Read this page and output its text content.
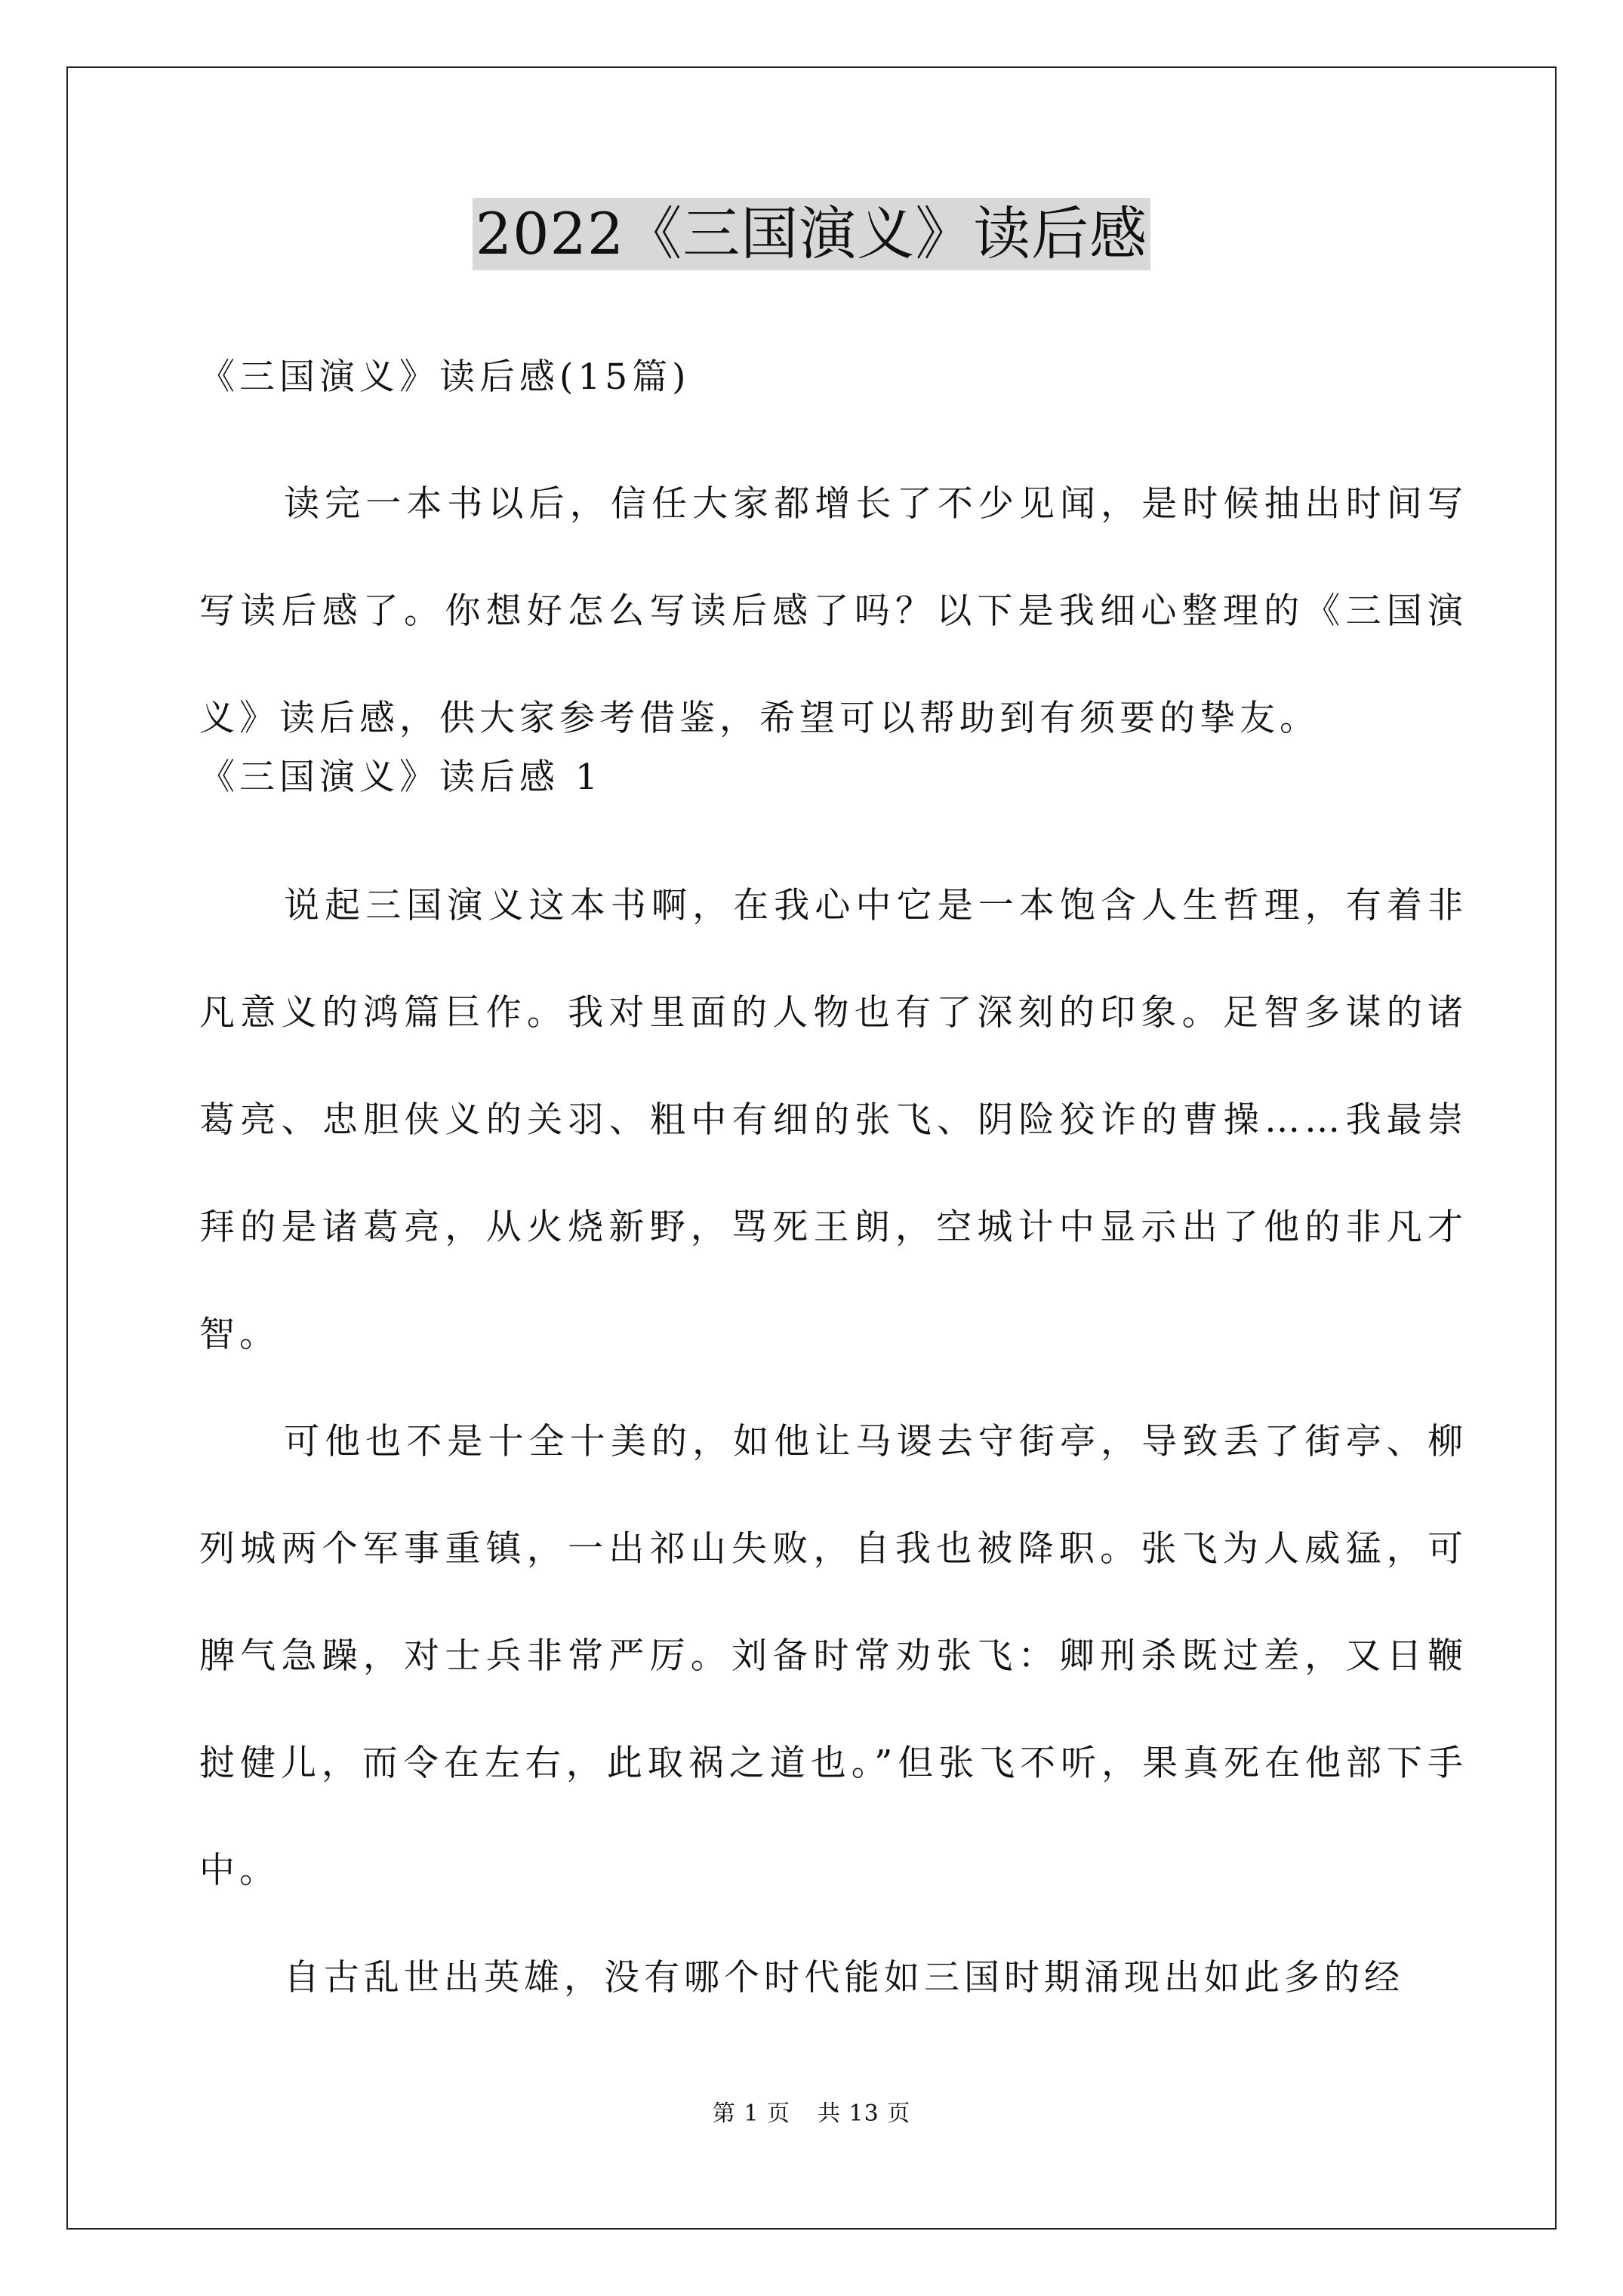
2022《三国演义》读后感

《三国演义》读后感(15篇)

读完一本书以后，信任大家都增长了不少见闻，是时候抽出时间写写读后感了。你想好怎么写读后感了吗？以下是我细心整理的《三国演义》读后感，供大家参考借鉴，希望可以帮助到有须要的挚友。

《三国演义》读后感 1

说起三国演义这本书啊，在我心中它是一本饱含人生哲理，有着非凡意义的鸿篇巨作。我对里面的人物也有了深刻的印象。足智多谋的诸葛亮、忠胆侠义的关羽、粗中有细的张飞、阴险狡诈的曹操……我最崇拜的是诸葛亮，从火烧新野，骂死王朗，空城计中显示出了他的非凡才智。

可他也不是十全十美的，如他让马谡去守街亭，导致丢了街亭、柳列城两个军事重镇，一出祁山失败，自我也被降职。张飞为人威猛，可脾气急躁，对士兵非常严厉。刘备时常劝张飞：卿刑杀既过差，又日鞭挝健儿，而令在左右，此取祸之道也。”但张飞不听，果真死在他部下手中。

自古乱世出英雄，没有哪个时代能如三国时期涌现出如此多的经

第 1 页 共 13 页
